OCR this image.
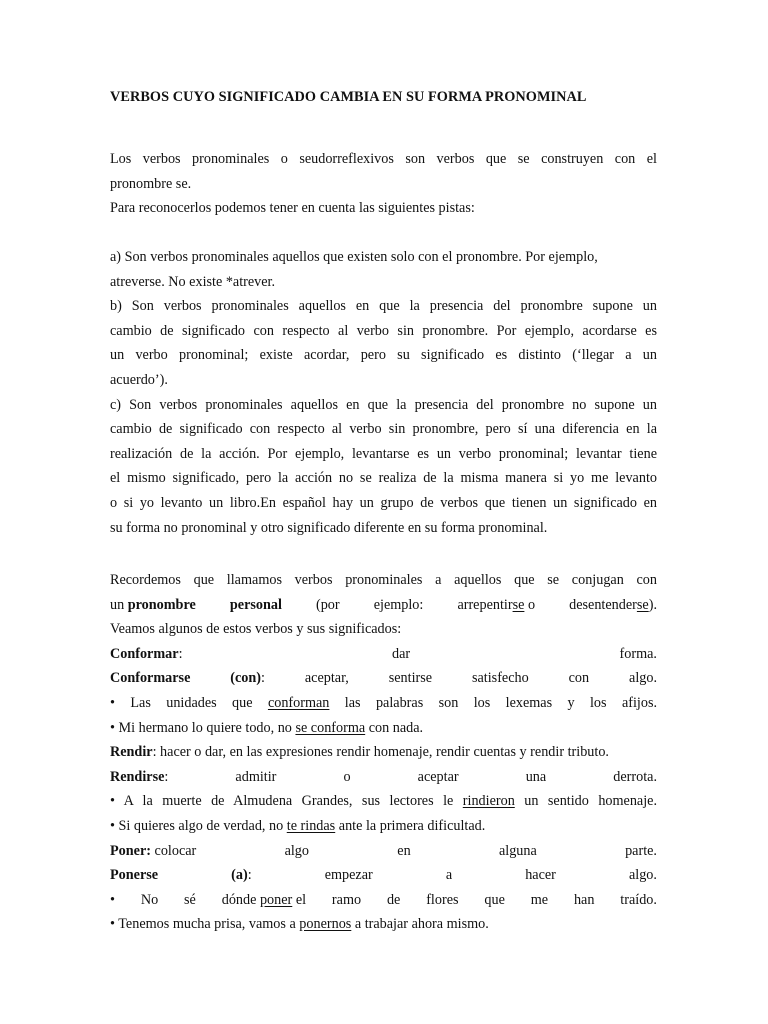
VERBOS CUYO SIGNIFICADO CAMBIA EN SU FORMA PRONOMINAL
Los verbos pronominales o seudorreflexivos son verbos que se construyen con el
pronombre se.
Para reconocerlos podemos tener en cuenta las siguientes pistas:
a) Son verbos pronominales aquellos que existen solo con el pronombre. Por ejemplo,
atreverse. No existe *atrever.
b) Son verbos pronominales aquellos en que la presencia del pronombre supone un
cambio de significado con respecto al verbo sin pronombre. Por ejemplo, acordarse es
un verbo pronominal; existe acordar, pero su significado es distinto (‘llegar a un
acuerdo’).
c) Son verbos pronominales aquellos en que la presencia del pronombre no supone un
cambio de significado con respecto al verbo sin pronombre, pero sí una diferencia en la
realización de la acción. Por ejemplo, levantarse es un verbo pronominal; levantar tiene
el mismo significado, pero la acción no se realiza de la misma manera si yo me levanto
o si yo levanto un libro.En español hay un grupo de verbos que tienen un significado en
su forma no pronominal y otro significado diferente en su forma pronominal.
Recordemos que llamamos verbos pronominales a aquellos que se conjugan con
un pronombre personal (por ejemplo: arrepentirse o desentenderse).
Veamos algunos de estos verbos y sus significados:
Conformar:	dar	forma.
Conformarse	(con):	aceptar,	sentirse	satisfecho	con	algo.
• Las unidades que conforman las palabras son los lexemas y los afijos.
• Mi hermano lo quiere todo, no se conforma con nada.
Rendir: hacer o dar, en las expresiones rendir homenaje, rendir cuentas y rendir tributo.
Rendirse:	admitir	o	aceptar	una	derrota.
• A la muerte de Almudena Grandes, sus lectores le rindieron un sentido homenaje.
• Si quieres algo de verdad, no te rindas ante la primera dificultad.
Poner: colocar	algo	en	alguna	parte.
Ponerse	(a):	empezar	a	hacer	algo.
• No sé dónde poner el ramo de flores que me han traído.
• Tenemos mucha prisa, vamos a ponernos a trabajar ahora mismo.
